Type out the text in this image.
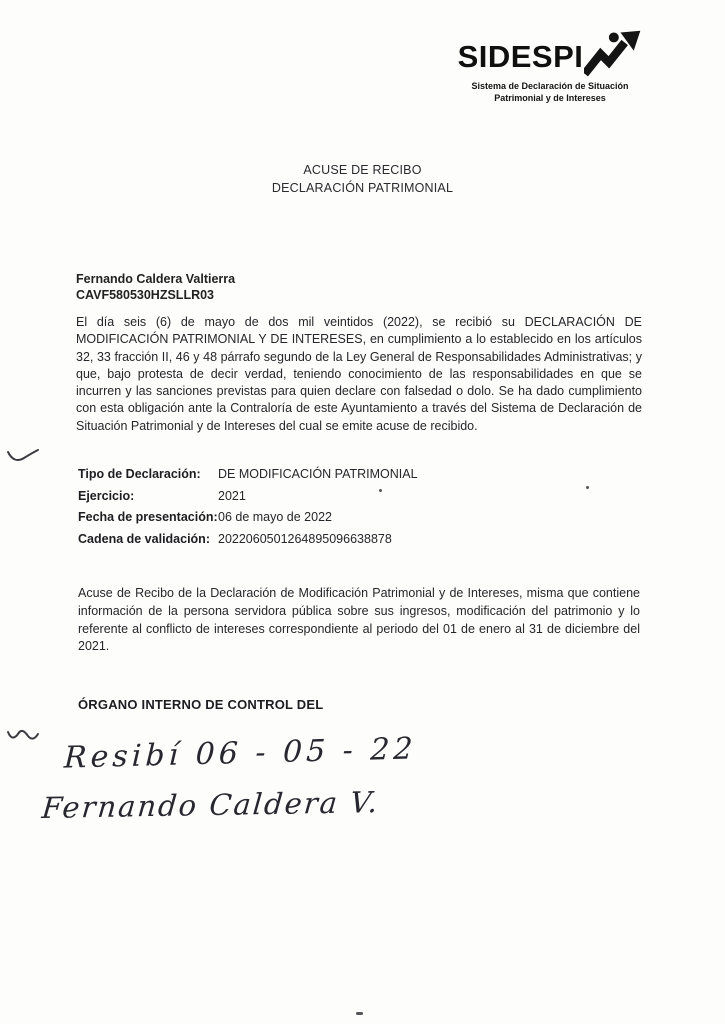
SIDESPI
Sistema de Declaración de Situación
Patrimonial y de Intereses
ACUSE DE RECIBO
DECLARACIÓN PATRIMONIAL
Fernando Caldera Valtierra
CAVF580530HZSLLR03

El día seis (6) de mayo de dos mil veintidos (2022), se recibió su DECLARACIÓN DE MODIFICACIÓN PATRIMONIAL Y DE INTERESES, en cumplimiento a lo establecido en los artículos 32, 33 fracción II, 46 y 48 párrafo segundo de la Ley General de Responsabilidades Administrativas; y que, bajo protesta de decir verdad, teniendo conocimiento de las responsabilidades en que se incurren y las sanciones previstas para quien declare con falsedad o dolo. Se ha dado cumplimiento con esta obligación ante la Contraloría de este Ayuntamiento a través del Sistema de Declaración de Situación Patrimonial y de Intereses del cual se emite acuse de recibido.

Tipo de Declaración:	DE MODIFICACIÓN PATRIMONIAL
Ejercicio:	2021
Fecha de presentación: 06 de mayo de 2022
Cadena de validación: 2022060501264895096638878

Acuse de Recibo de la Declaración de Modificación Patrimonial y de Intereses, misma que contiene información de la persona servidora pública sobre sus ingresos, modificación del patrimonio y lo referente al conflicto de intereses correspondiente al periodo del 01 de enero al 31 de diciembre del 2021.

ÓRGANO INTERNO DE CONTROL DEL
Resibí 06 - 05 - 22
Fernando Caldera V.
